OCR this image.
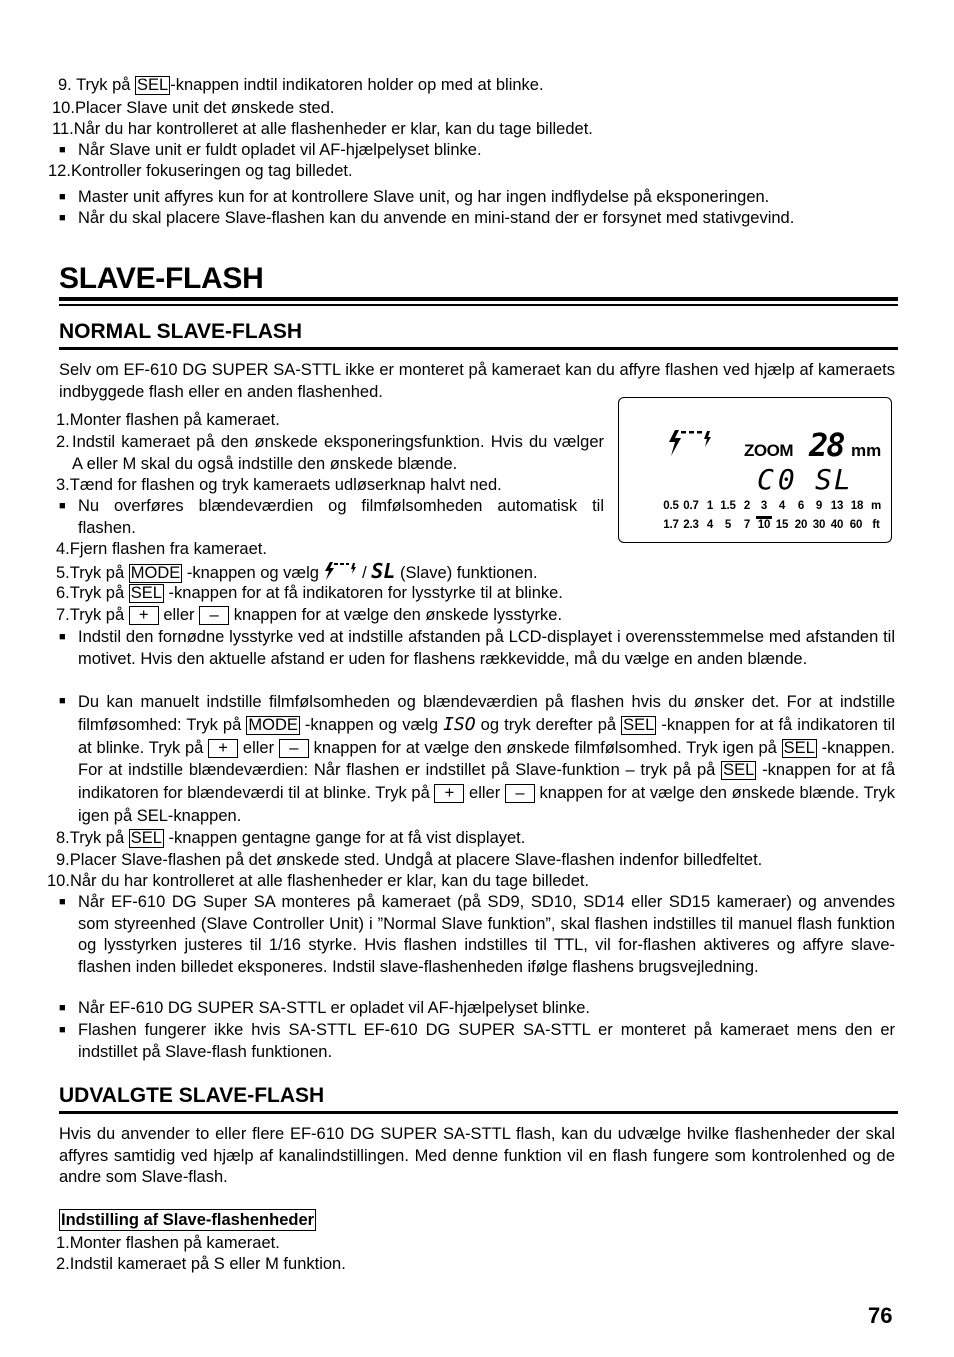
9. Tryk på SEL -knappen indtil indikatoren holder op med at blinke.
10.Placer Slave unit det ønskede sted.
11.Når du har kontrolleret at alle flashenheder er klar, kan du tage billedet.
■ Når Slave unit er fuldt opladet vil AF-hjælpelyset blinke.
12.Kontroller fokuseringen og tag billedet.
■ Master unit affyres kun for at kontrollere Slave unit, og har ingen indflydelse på eksponeringen.
■ Når du skal placere Slave-flashen kan du anvende en mini-stand der er forsynet med stativgevind.
SLAVE-FLASH
NORMAL SLAVE-FLASH
Selv om EF-610 DG SUPER SA-STTL ikke er monteret på kameraet kan du affyre flashen ved hjælp af kameraets indbyggede flash eller en anden flashenhed.
1.Monter flashen på kameraet.
2. Indstil kameraet på den ønskede eksponeringsfunktion. Hvis du vælger A eller M skal du også indstille den ønskede blænde.
3.Tænd for flashen og tryk kameraets udløserknap halvt ned.
■ Nu overføres blændeværdien og filmfølsomheden automatisk til flashen.
4.Fjern flashen fra kameraet.
ZOOM 28 mm
C0 SL
0.5 0.7 1 1.5 2 3	4	6	9 13 18 m
1.7 2.3 4	5	7 10 15 20 30 40 60 ft
5.Tryk på MODE -knappen og vælg  / SL (Slave) funktionen.
6.Tryk på SEL -knappen for at få indikatoren for lysstyrke til at blinke.
7.Tryk på + eller – knappen for at vælge den ønskede lysstyrke.
■ Indstil den fornødne lysstyrke ved at indstille afstanden på LCD-displayet i overensstemmelse med afstanden til motivet. Hvis den aktuelle afstand er uden for flashens rækkevidde, må du vælge en anden blænde.
■ Du kan manuelt indstille filmfølsomheden og blændeværdien på flashen hvis du ønsker det. For at indstille filmføsomhed: Tryk på MODE -knappen og vælg ISO og tryk derefter på SEL -knappen for at få indikatoren til at blinke. Tryk på + eller – knappen for at vælge den ønskede filmfølsomhed. Tryk igen på SEL -knappen. For at indstille blændeværdien: Når flashen er indstillet på Slave-funktion – tryk på på SEL -knappen for at få indikatoren for blændeværdi til at blinke. Tryk på + eller – knappen for at vælge den ønskede blænde. Tryk igen på SEL-knappen.
8.Tryk på SEL -knappen gentagne gange for at få vist displayet.
9.Placer Slave-flashen på det ønskede sted. Undgå at placere Slave-flashen indenfor billedfeltet.
10.Når du har kontrolleret at alle flashenheder er klar, kan du tage billedet.
■ Når EF-610 DG Super SA monteres på kameraet (på SD9, SD10, SD14 eller SD15 kameraer) og anvendes som styreenhed (Slave Controller Unit) i ”Normal Slave funktion”, skal flashen indstilles til manuel flash funktion og lysstyrken justeres til 1/16 styrke. Hvis flashen indstilles til TTL, vil for-flashen aktiveres og affyre slave-flashen inden billedet eksponeres. Indstil slave-flashenheden ifølge flashens brugsvejledning.
■ Når EF-610 DG SUPER SA-STTL er opladet vil AF-hjælpelyset blinke.
■ Flashen fungerer ikke hvis SA-STTL EF-610 DG SUPER SA-STTL er monteret på kameraet mens den er indstillet på Slave-flash funktionen.
UDVALGTE SLAVE-FLASH
Hvis du anvender to eller flere EF-610 DG SUPER SA-STTL flash, kan du udvælge hvilke flashenheder der skal affyres samtidig ved hjælp af kanalindstillingen. Med denne funktion vil en flash fungere som kontrolenhed og de andre som Slave-flash.
Indstilling af Slave-flashenheder
1.Monter flashen på kameraet.
2.Indstil kameraet på S eller M funktion.
76
